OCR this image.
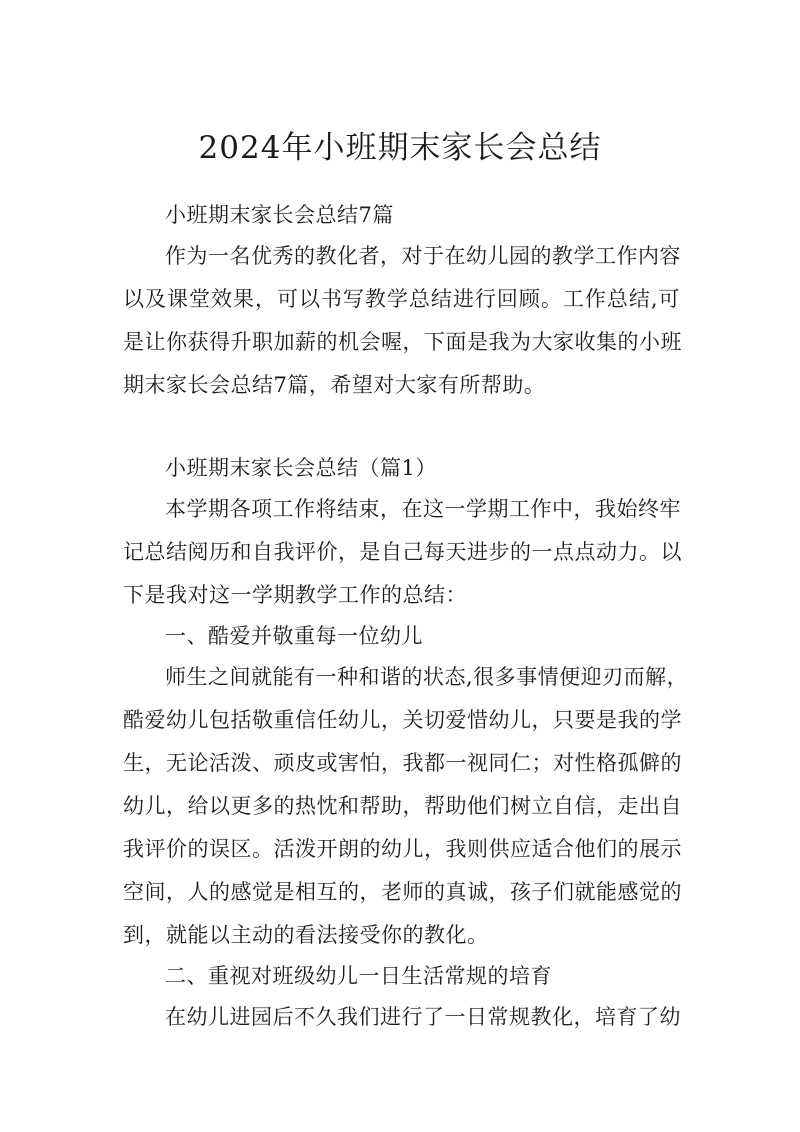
2024年小班期末家长会总结
小班期末家长会总结7篇
作为一名优秀的教化者，对于在幼儿园的教学工作内容
以及课堂效果，可以书写教学总结进行回顾。工作总结,可
是让你获得升职加薪的机会喔，下面是我为大家收集的小班
期末家长会总结7篇，希望对大家有所帮助。
小班期末家长会总结（篇1）
本学期各项工作将结束，在这一学期工作中，我始终牢
记总结阅历和自我评价，是自己每天进步的一点点动力。以
下是我对这一学期教学工作的总结：
一、酷爱并敬重每一位幼儿
师生之间就能有一种和谐的状态,很多事情便迎刃而解，
酷爱幼儿包括敬重信任幼儿，关切爱惜幼儿，只要是我的学
生，无论活泼、顽皮或害怕，我都一视同仁；对性格孤僻的
幼儿，给以更多的热忱和帮助，帮助他们树立自信，走出自
我评价的误区。活泼开朗的幼儿，我则供应适合他们的展示
空间，人的感觉是相互的，老师的真诚，孩子们就能感觉的
到，就能以主动的看法接受你的教化。
二、重视对班级幼儿一日生活常规的培育
在幼儿进园后不久我们进行了一日常规教化，培育了幼
